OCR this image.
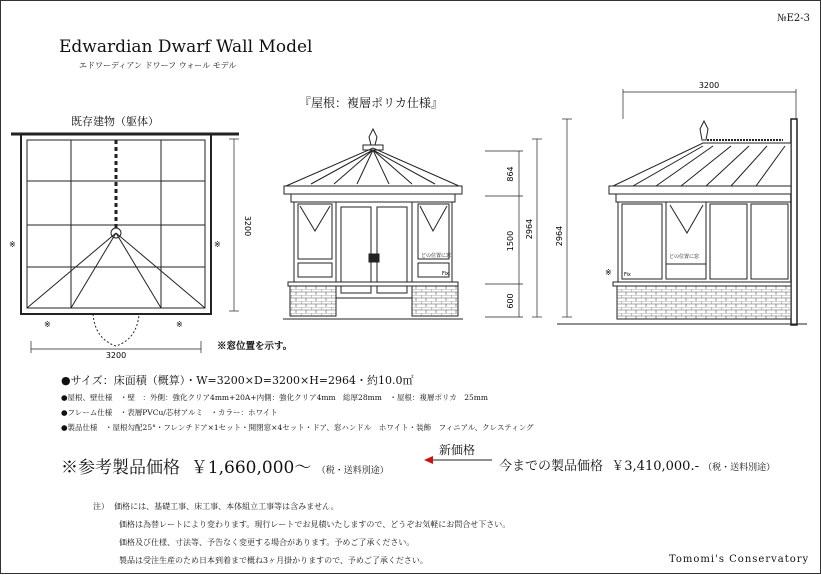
№E2-3
Edwardian Dwarf Wall Model
エドワーディアン ドワーフ ウォール モデル
『屋根：複層ポリカ仕様』
既存建物（躯体）
3200
3200
※	※
※	※
864
1500
600
2964
どの位置に窓
Fix
3200
2964
※ Fix
どの位置に窓
※窓位置を示す。
●サイズ：床面積（概算）・W=3200×D=3200×H=2964・約10.0㎡
●屋根、壁仕様　・壁　：外側：強化クリア4mm+20A+内側：強化クリア4mm　総厚28mm　・屋根：複層ポリカ　25mm
●フレーム仕様　・表層PVCu/芯材アルミ　・カラー：ホワイト
●製品仕様　・屋根勾配25°・フレンチドア×1セット・開閉窓×4セット・ドア、窓ハンドル　ホワイト・装飾　フィニアル、クレスティング
※参考製品価格 ￥1,660,000〜 （税・送料別途）
新価格
今までの製品価格 ￥3,410,000.- （税・送料別途）
注） 価格には、基礎工事、床工事、本体組立工事等は含みません。
価格は為替レートにより変わります。現行レートでお見積いたしますので、どうぞお気軽にお問合せ下さい。
価格及び仕様、寸法等、予告なく変更する場合があります。予めご了承ください。
製品は受注生産のため日本到着まで概ね3ヶ月掛かりますので、予めご了承ください。	Tomomi's Conservatory
